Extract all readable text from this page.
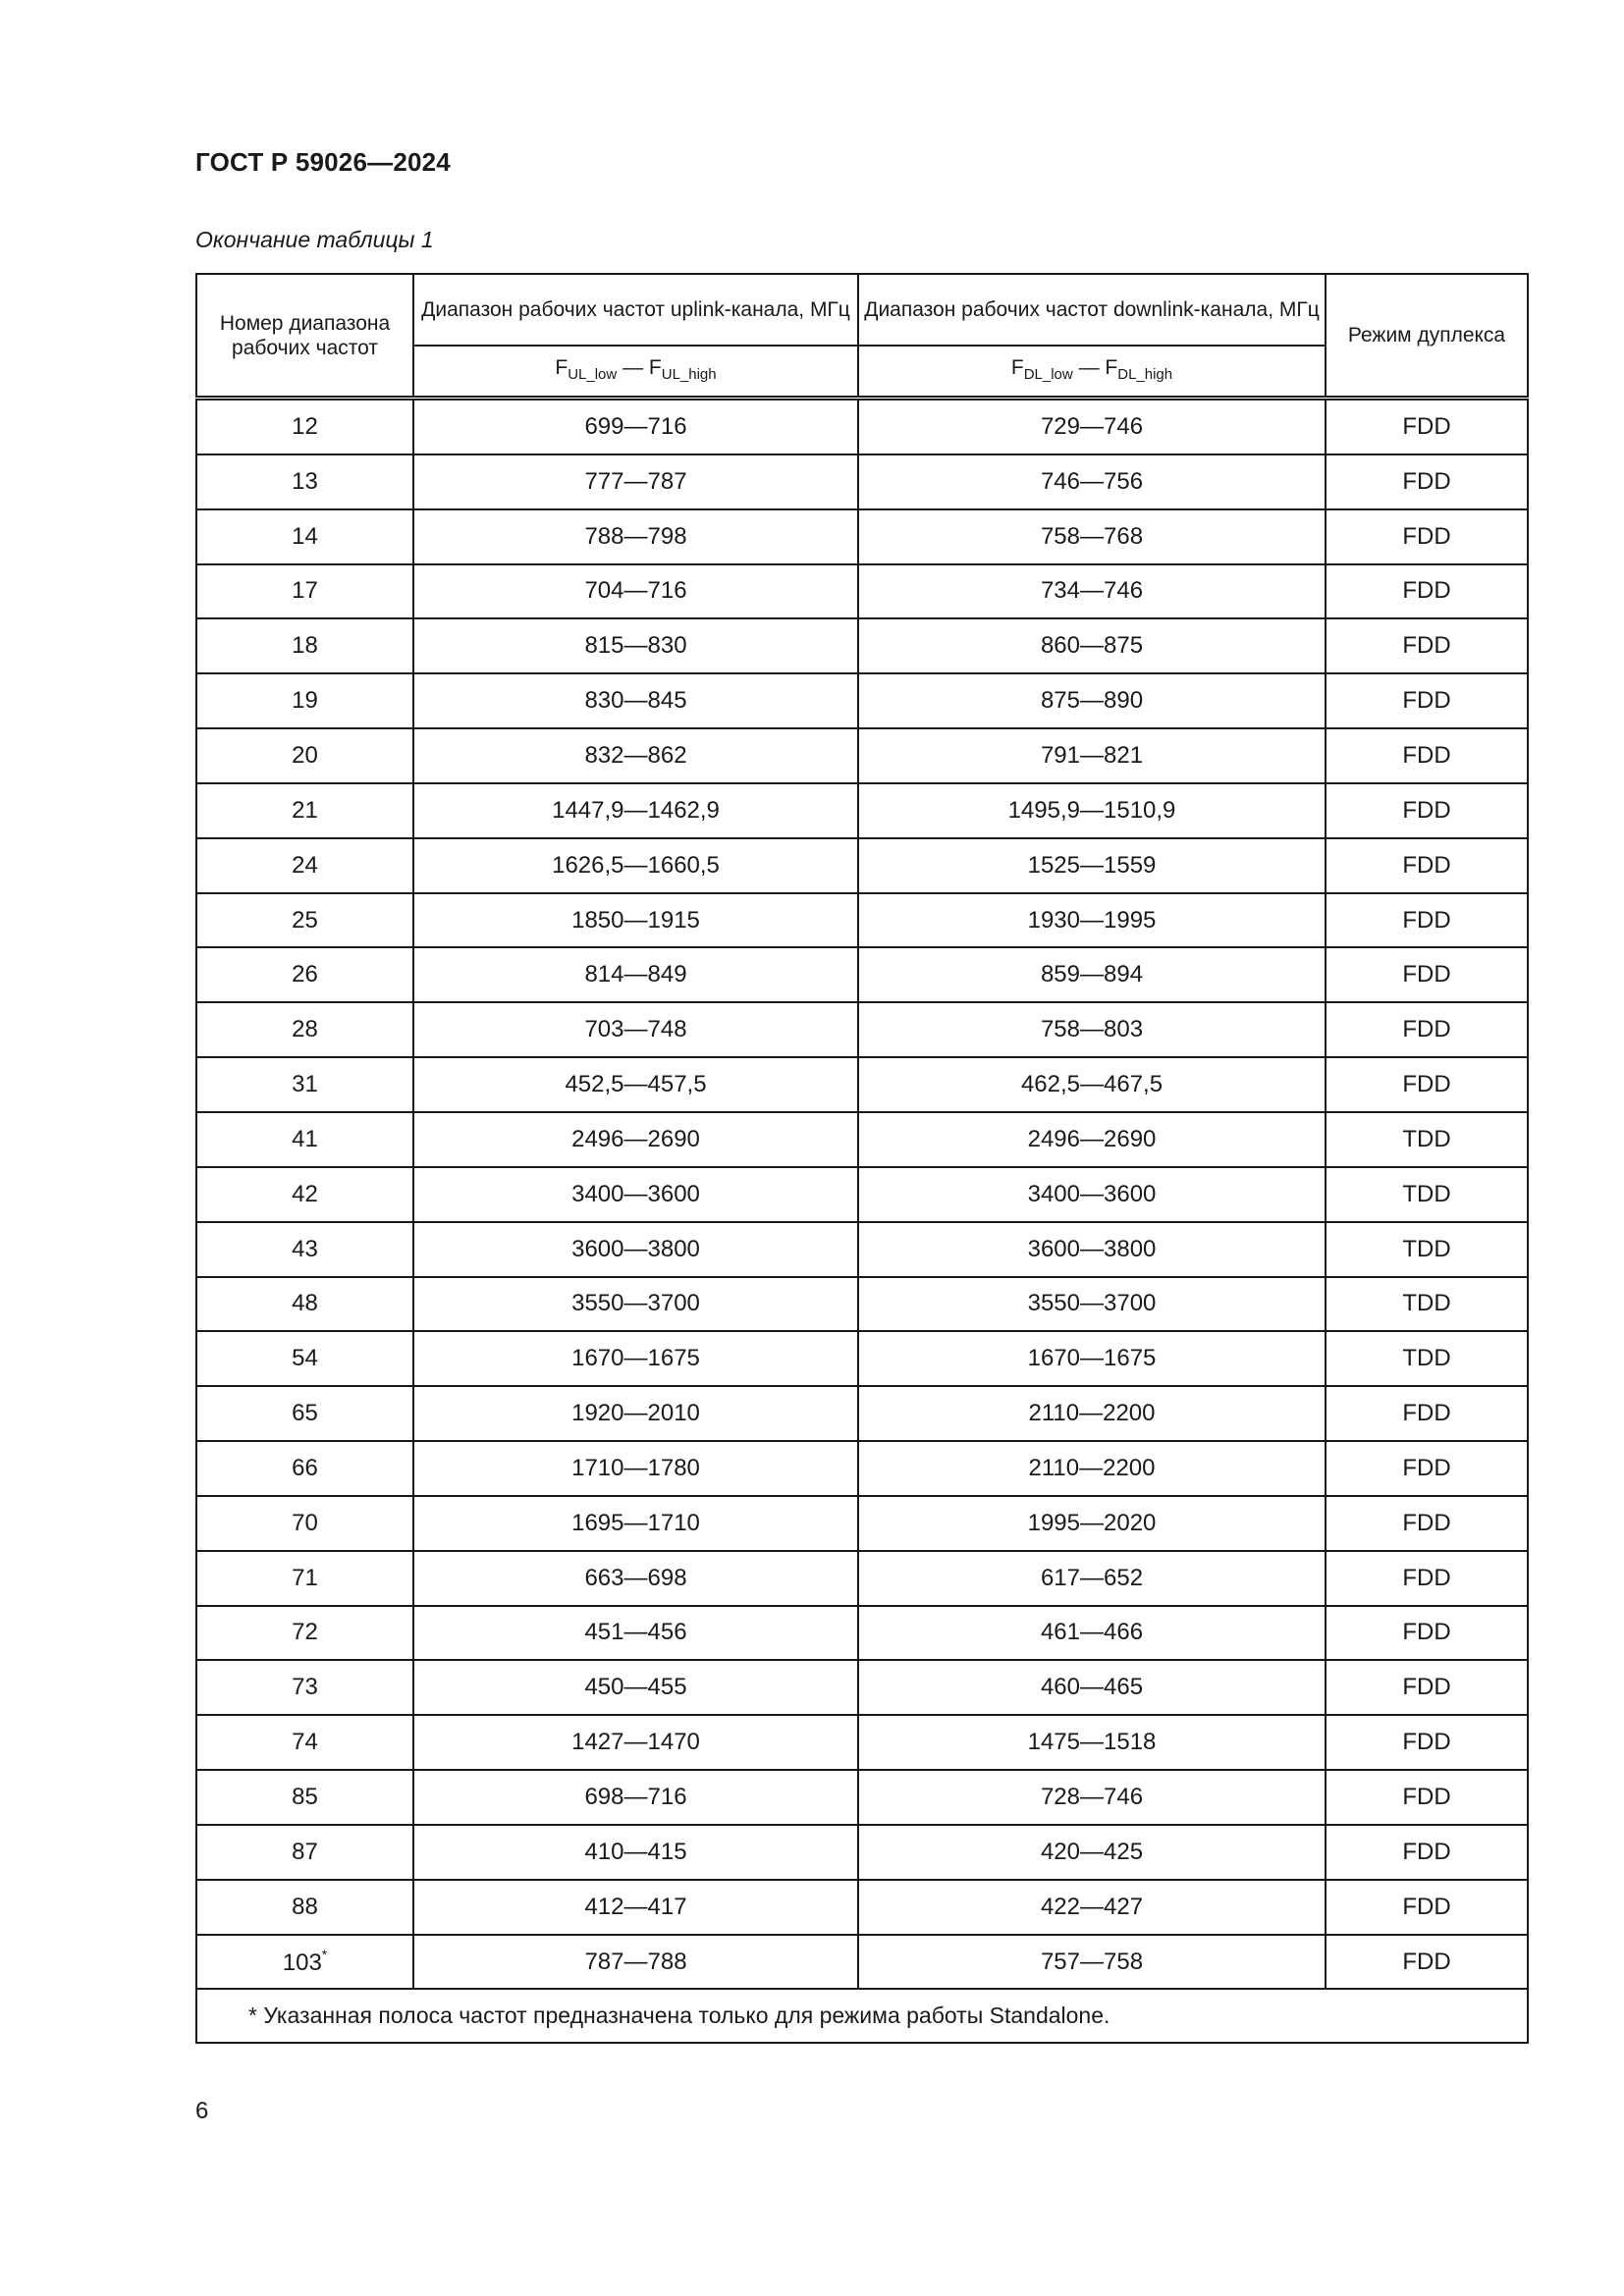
ГОСТ Р 59026—2024
Окончание таблицы 1
Номер диапазона рабочих частот	Диапазон рабочих частот uplink-канала, МГц	Диапазон рабочих частот downlink-канала, МГц	Режим дуплекса
	$F_{UL\_low}$ — $F_{UL\_high}$	$F_{DL\_low}$ — $F_{DL\_high}$
12	699—716	729—746	FDD
13	777—787	746—756	FDD
14	788—798	758—768	FDD
17	704—716	734—746	FDD
18	815—830	860—875	FDD
19	830—845	875—890	FDD
20	832—862	791—821	FDD
21	1447,9—1462,9	1495,9—1510,9	FDD
24	1626,5—1660,5	1525—1559	FDD
25	1850—1915	1930—1995	FDD
26	814—849	859—894	FDD
28	703—748	758—803	FDD
31	452,5—457,5	462,5—467,5	FDD
41	2496—2690	2496—2690	TDD
42	3400—3600	3400—3600	TDD
43	3600—3800	3600—3800	TDD
48	3550—3700	3550—3700	TDD
54	1670—1675	1670—1675	TDD
65	1920—2010	2110—2200	FDD
66	1710—1780	2110—2200	FDD
70	1695—1710	1995—2020	FDD
71	663—698	617—652	FDD
72	451—456	461—466	FDD
73	450—455	460—465	FDD
74	1427—1470	1475—1518	FDD
85	698—716	728—746	FDD
87	410—415	420—425	FDD
88	412—417	422—427	FDD
103*	787—788	757—758	FDD
* Указанная полоса частот предназначена только для режима работы Standalone.			
6
